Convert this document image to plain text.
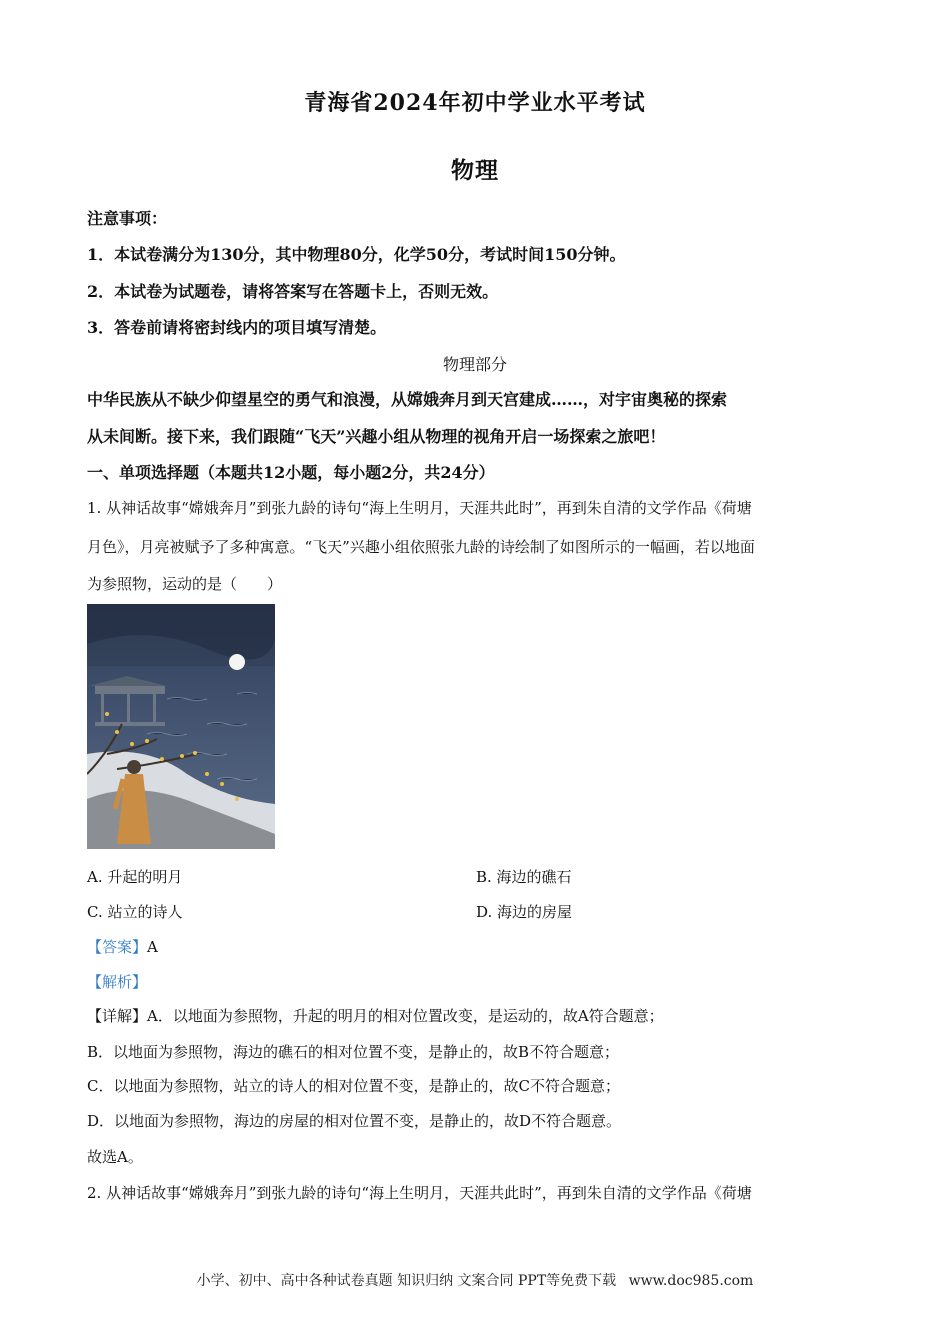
青海省2024年初中学业水平考试
物理
注意事项：
1．本试卷满分为130分，其中物理80分，化学50分，考试时间150分钟。
2．本试卷为试题卷，请将答案写在答题卡上，否则无效。
3．答卷前请将密封线内的项目填写清楚。
物理部分
中华民族从不缺少仰望星空的勇气和浪漫，从嫦娥奔月到天宫建成……，对宇宙奥秘的探索
从未间断。接下来，我们跟随“飞天”兴趣小组从物理的视角开启一场探索之旅吧！
一、单项选择题（本题共12小题，每小题2分，共24分）
1. 从神话故事“嫦娥奔月”到张九龄的诗句“海上生明月，天涯共此时”，再到朱自清的文学作品《荷塘
月色》，月亮被赋予了多种寓意。“飞天”兴趣小组依照张九龄的诗绘制了如图所示的一幅画，若以地面
为参照物，运动的是（　　）
A. 升起的明月	B. 海边的礁石
C. 站立的诗人	D. 海边的房屋
【答案】A
【解析】
【详解】A．以地面为参照物，升起的明月的相对位置改变，是运动的，故A符合题意；
B．以地面为参照物，海边的礁石的相对位置不变，是静止的，故B不符合题意；
C．以地面为参照物，站立的诗人的相对位置不变，是静止的，故C不符合题意；
D．以地面为参照物，海边的房屋的相对位置不变，是静止的，故D不符合题意。
故选A。
2. 从神话故事“嫦娥奔月”到张九龄的诗句“海上生明月，天涯共此时”，再到朱自清的文学作品《荷塘
小学、初中、高中各种试卷真题 知识归纳 文案合同 PPT等免费下载 www.doc985.com
